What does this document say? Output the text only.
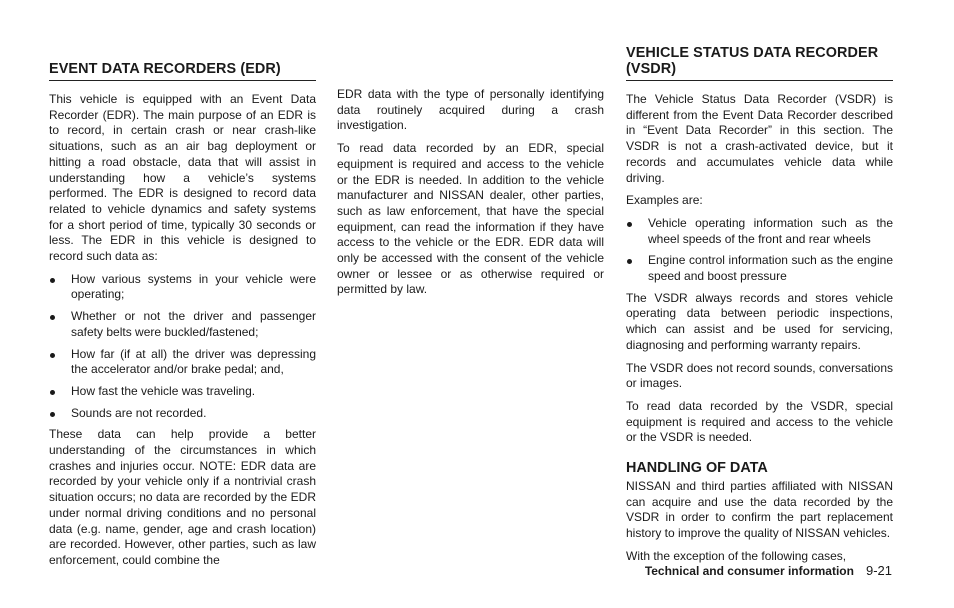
EVENT DATA RECORDERS (EDR)

This vehicle is equipped with an Event Data Recorder (EDR). The main purpose of an EDR is to record, in certain crash or near crash-like situations, such as an air bag deployment or hitting a road obstacle, data that will assist in understanding how a vehicle’s systems performed. The EDR is designed to record data related to vehicle dynamics and safety systems for a short period of time, typically 30 seconds or less. The EDR in this vehicle is designed to record such data as:

How various systems in your vehicle were operating;
Whether or not the driver and passenger safety belts were buckled/fastened;
How far (if at all) the driver was depressing the accelerator and/or brake pedal; and,
How fast the vehicle was traveling.
Sounds are not recorded.

These data can help provide a better understanding of the circumstances in which crashes and injuries occur. NOTE: EDR data are recorded by your vehicle only if a nontrivial crash situation occurs; no data are recorded by the EDR under normal driving conditions and no personal data (e.g. name, gender, age and crash location) are recorded. However, other parties, such as law enforcement, could combine the

EDR data with the type of personally identifying data routinely acquired during a crash investigation.

To read data recorded by an EDR, special equipment is required and access to the vehicle or the EDR is needed. In addition to the vehicle manufacturer and NISSAN dealer, other parties, such as law enforcement, that have the special equipment, can read the information if they have access to the vehicle or the EDR. EDR data will only be accessed with the consent of the vehicle owner or lessee or as otherwise required or permitted by law.

VEHICLE STATUS DATA RECORDER (VSDR)

The Vehicle Status Data Recorder (VSDR) is different from the Event Data Recorder described in “Event Data Recorder” in this section. The VSDR is not a crash-activated device, but it records and accumulates vehicle data while driving.

Examples are:

Vehicle operating information such as the wheel speeds of the front and rear wheels
Engine control information such as the engine speed and boost pressure

The VSDR always records and stores vehicle operating data between periodic inspections, which can assist and be used for servicing, diagnosing and performing warranty repairs.

The VSDR does not record sounds, conversations or images.

To read data recorded by the VSDR, special equipment is required and access to the vehicle or the VSDR is needed.

HANDLING OF DATA

NISSAN and third parties affiliated with NISSAN can acquire and use the data recorded by the VSDR in order to confirm the part replacement history to improve the quality of NISSAN vehicles.

With the exception of the following cases,

Technical and consumer information 9-21
